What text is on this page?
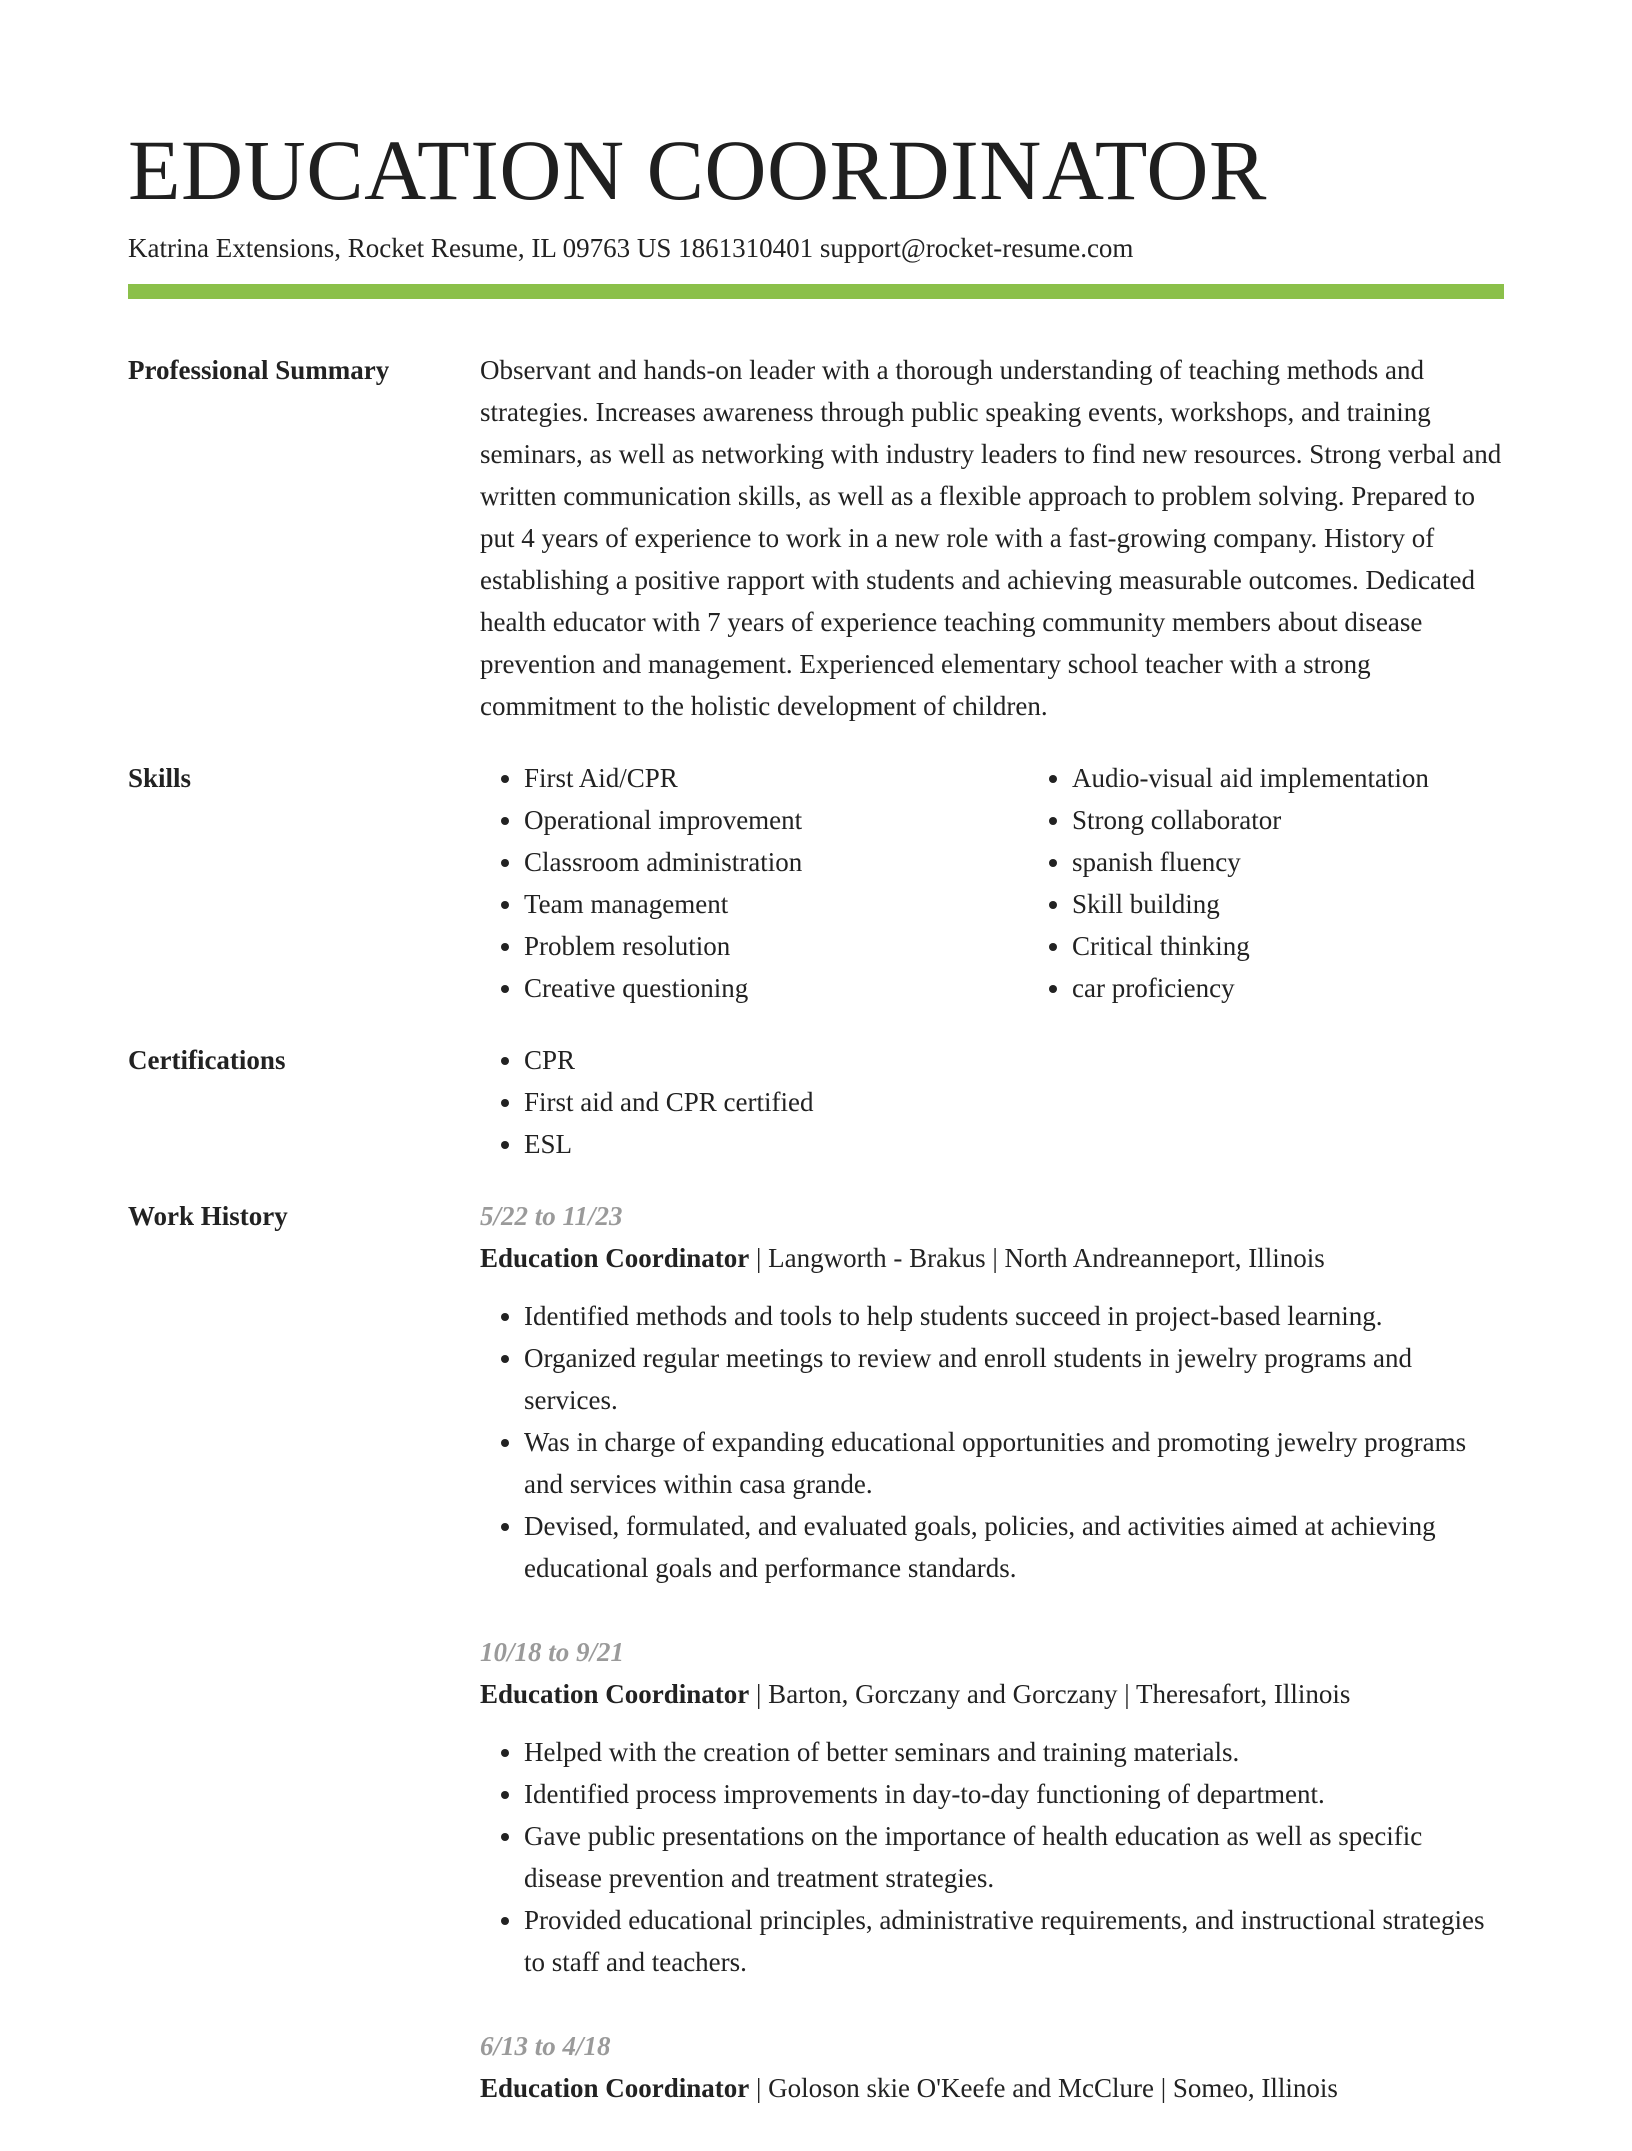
EDUCATION COORDINATOR
Katrina Extensions, Rocket Resume, IL 09763 US 1861310401 support@rocket-resume.com
Professional Summary	Observant and hands-on leader with a thorough understanding of teaching methods and strategies. Increases awareness through public speaking events, workshops, and training seminars, as well as networking with industry leaders to find new resources. Strong verbal and written communication skills, as well as a flexible approach to problem solving. Prepared to put 4 years of experience to work in a new role with a fast-growing company. History of establishing a positive rapport with students and achieving measurable outcomes. Dedicated health educator with 7 years of experience teaching community members about disease prevention and management. Experienced elementary school teacher with a strong commitment to the holistic development of children.

Skills	• First Aid/CPR
• Operational improvement
• Classroom administration
• Team management
• Problem resolution
• Creative questioning
• Audio-visual aid implementation
• Strong collaborator
• spanish fluency
• Skill building
• Critical thinking
• car proficiency
Certifications	• CPR
• First aid and CPR certified
• ESL
Work History	5/22 to 11/23
Education Coordinator | Langworth - Brakus | North Andreanneport, Illinois
• Identified methods and tools to help students succeed in project-based learning.
• Organized regular meetings to review and enroll students in jewelry programs and services.
• Was in charge of expanding educational opportunities and promoting jewelry programs and services within casa grande.
• Devised, formulated, and evaluated goals, policies, and activities aimed at achieving educational goals and performance standards.
10/18 to 9/21
Education Coordinator | Barton, Gorczany and Gorczany | Theresafort, Illinois
• Helped with the creation of better seminars and training materials.
• Identified process improvements in day-to-day functioning of department.
• Gave public presentations on the importance of health education as well as specific disease prevention and treatment strategies.
• Provided educational principles, administrative requirements, and instructional strategies to staff and teachers.
6/13 to 4/18
Education Coordinator | Goloson skie O'Keefe and McClure | Someo, Illinois
